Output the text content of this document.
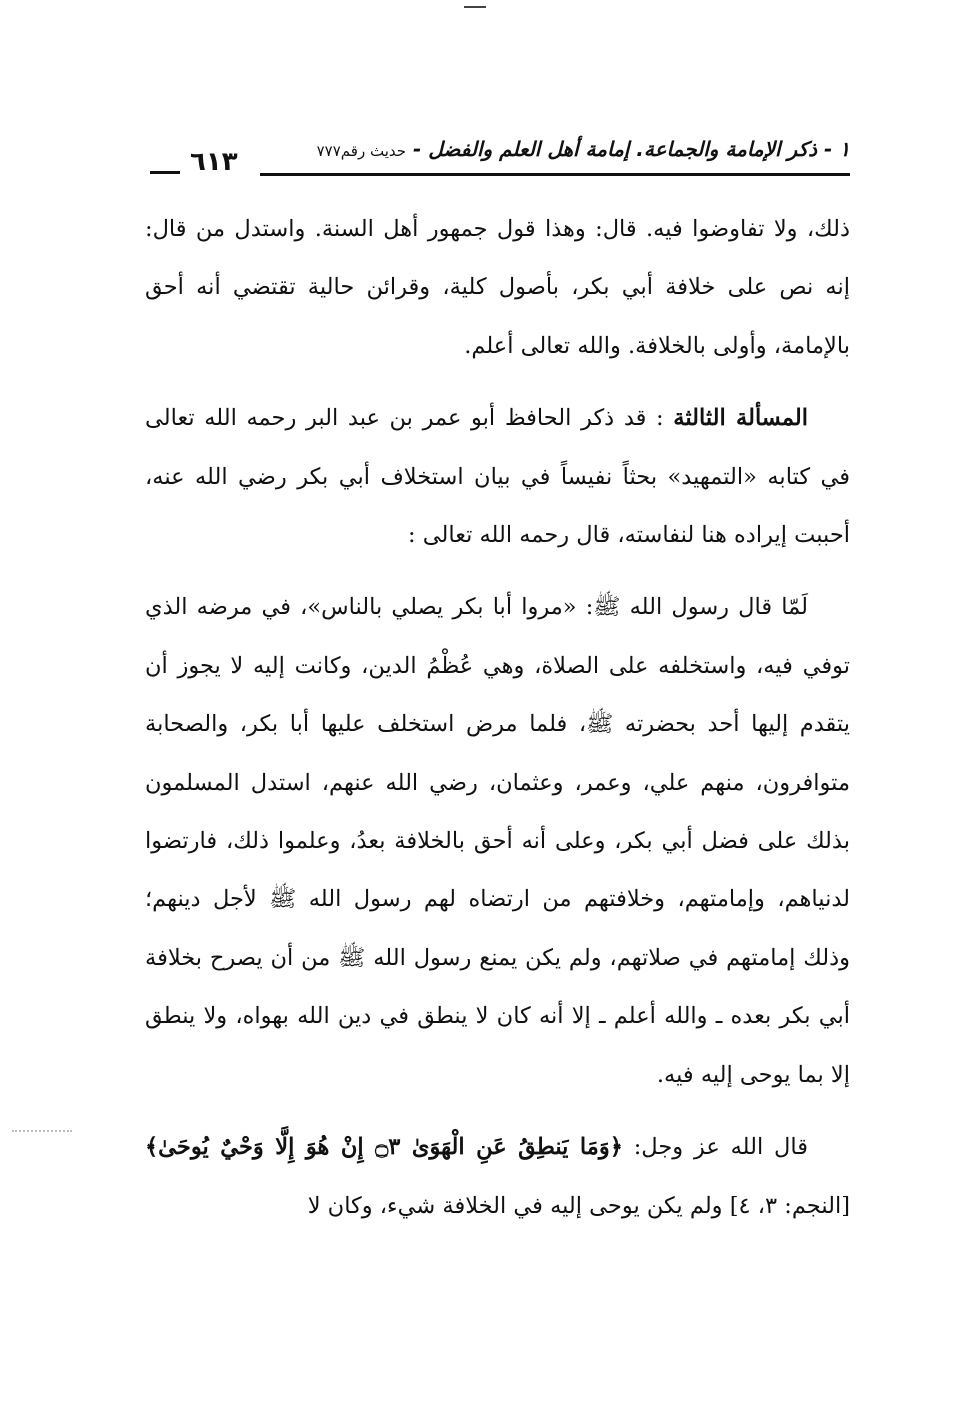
١ - ذكر الإمامة والجماعة. إمامة أهل العلم والفضل - حديث رقم٧٧٧
٦١٣

ذلك، ولا تفاوضوا فيه. قال: وهذا قول جمهور أهل السنة. واستدل من قال: إنه نص على خلافة أبي بكر، بأصول كلية، وقرائن حالية تقتضي أنه أحق بالإمامة، وأولى بالخلافة. والله تعالى أعلم.

المسألة الثالثة : قد ذكر الحافظ أبو عمر بن عبد البر رحمه الله تعالى في كتابه «التمهيد» بحثاً نفيساً في بيان استخلاف أبي بكر رضي الله عنه، أحببت إيراده هنا لنفاسته، قال رحمه الله تعالى :

لَمّا قال رسول الله ﷺ: «مروا أبا بكر يصلي بالناس»، في مرضه الذي توفي فيه، واستخلفه على الصلاة، وهي عُظْمُ الدين، وكانت إليه لا يجوز أن يتقدم إليها أحد بحضرته ﷺ، فلما مرض استخلف عليها أبا بكر، والصحابة متوافرون، منهم علي، وعمر، وعثمان، رضي الله عنهم، استدل المسلمون بذلك على فضل أبي بكر، وعلى أنه أحق بالخلافة بعدُ، وعلموا ذلك، فارتضوا لدنياهم، وإمامتهم، وخلافتهم من ارتضاه لهم رسول الله ﷺ لأجل دينهم؛ وذلك إمامتهم في صلاتهم، ولم يكن يمنع رسول الله ﷺ من أن يصرح بخلافة أبي بكر بعده ـ والله أعلم ـ إلا أنه كان لا ينطق في دين الله بهواه، ولا ينطق إلا بما يوحى إليه فيه.

قال الله عز وجل: ﴿وَمَا يَنطِقُ عَنِ الْهَوَىٰ ۝٣ إِنْ هُوَ إِلَّا وَحْيٌ يُوحَىٰ﴾ [النجم: ٣، ٤] ولم يكن يوحى إليه في الخلافة شيء، وكان لا
